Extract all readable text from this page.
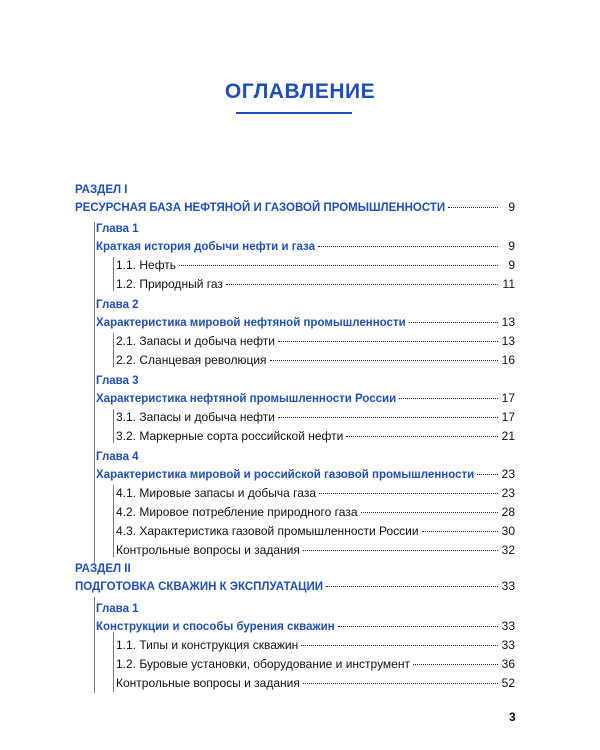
ОГЛАВЛЕНИЕ
РАЗДЕЛ I
РЕСУРСНАЯ БАЗА НЕФТЯНОЙ И ГАЗОВОЙ ПРОМЫШЛЕННОСТИ	9
Глава 1
Краткая история добычи нефти и газа	9
1.1. Нефть	9
1.2. Природный газ	11
Глава 2
Характеристика мировой нефтяной промышленности	13
2.1. Запасы и добыча нефти	13
2.2. Сланцевая революция	16
Глава 3
Характеристика нефтяной промышленности России	17
3.1. Запасы и добыча нефти	17
3.2. Маркерные сорта российской нефти	21
Глава 4
Характеристика мировой и российской газовой промышленности 23
4.1. Мировые запасы и добыча газа	23
4.2. Мировое потребление природного газа	28
4.3. Характеристика газовой промышленности России	30
Контрольные вопросы и задания	32
РАЗДЕЛ II
ПОДГОТОВКА СКВАЖИН К ЭКСПЛУАТАЦИИ	33
Глава 1
Конструкции и способы бурения скважин	33
1.1. Типы и конструкция скважин	33
1.2. Буровые установки, оборудование и инструмент	36
Контрольные вопросы и задания	52
3
